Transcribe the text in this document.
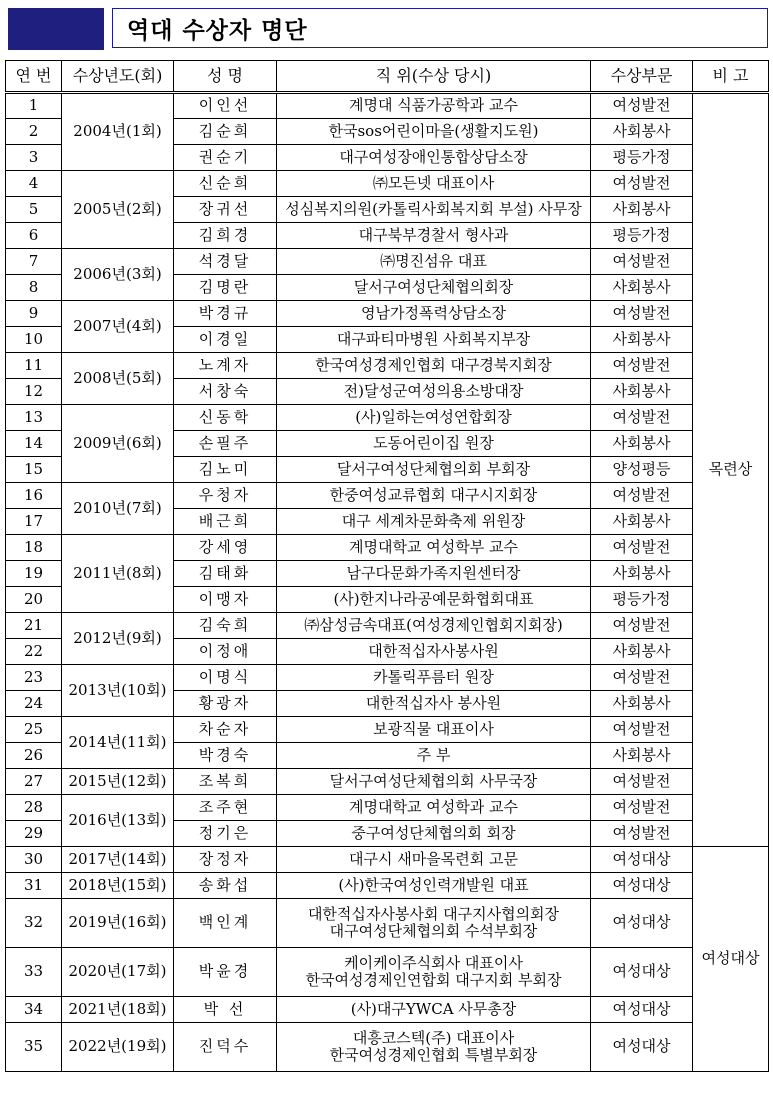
역대 수상자 명단
연 번	수상년도(회)	성 명	직 위(수상 당시)	수상부문	비 고
1	2004년(1회)	이인선	계명대 식품가공학과 교수	여성발전	목련상
2		김순희	한국sos어린이마을(생활지도원)	사회봉사	
3		권순기	대구여성장애인통합상담소장	평등가정	
4	2005년(2회)	신순희	㈜모든넷 대표이사	여성발전	
5		장귀선	성심복지의원(카톨릭사회복지회 부설) 사무장	사회봉사	
6		김희경	대구북부경찰서 형사과	평등가정	
7	2006년(3회)	석경달	㈜명진섬유 대표	여성발전	
8		김명란	달서구여성단체협의회장	사회봉사	
9	2007년(4회)	박경규	영남가정폭력상담소장	여성발전	
10		이경일	대구파티마병원 사회복지부장	사회봉사	
11	2008년(5회)	노계자	한국여성경제인협회 대구경북지회장	여성발전	
12		서창숙	전)달성군여성의용소방대장	사회봉사	
13	2009년(6회)	신동학	(사)일하는여성연합회장	여성발전	
14		손필주	도동어린이집 원장	사회봉사	
15		김노미	달서구여성단체협의회 부회장	양성평등	
16	2010년(7회)	우청자	한중여성교류협회 대구시지회장	여성발전	
17		배근희	대구 세계차문화축제 위원장	사회봉사	
18	2011년(8회)	강세영	계명대학교 여성학부 교수	여성발전	
19		김태화	남구다문화가족지원센터장	사회봉사	
20		이맹자	(사)한지나라공예문화협회대표	평등가정	
21	2012년(9회)	김숙희	㈜삼성금속대표(여성경제인협회지회장)	여성발전	
22		이정애	대한적십자사봉사원	사회봉사	
23	2013년(10회)	이명식	카톨릭푸름터 원장	여성발전	
24		황광자	대한적십자사 봉사원	사회봉사	
25	2014년(11회)	차순자	보광직물 대표이사	여성발전	
26		박경숙	주 부	사회봉사	
27	2015년(12회)	조복희	달서구여성단체협의회 사무국장	여성발전	
28	2016년(13회)	조주현	계명대학교 여성학과 교수	여성발전	
29		정기은	중구여성단체협의회 회장	여성발전	
30	2017년(14회)	장정자	대구시 새마을목련회 고문	여성대상	여성대상
31	2018년(15회)	송화섭	(사)한국여성인력개발원 대표	여성대상	
32	2019년(16회)	백인계	대한적십자사봉사회 대구지사협의회장
대구여성단체협의회 수석부회장	여성대상	
33	2020년(17회)	박윤경	케이케이주식회사 대표이사
한국여성경제인연합회 대구지회 부회장	여성대상	
34	2021년(18회)	박 선	(사)대구YWCA 사무총장	여성대상	
35	2022년(19회)	진덕수	대흥코스텍(주) 대표이사
한국여성경제인협회 특별부회장	여성대상	
